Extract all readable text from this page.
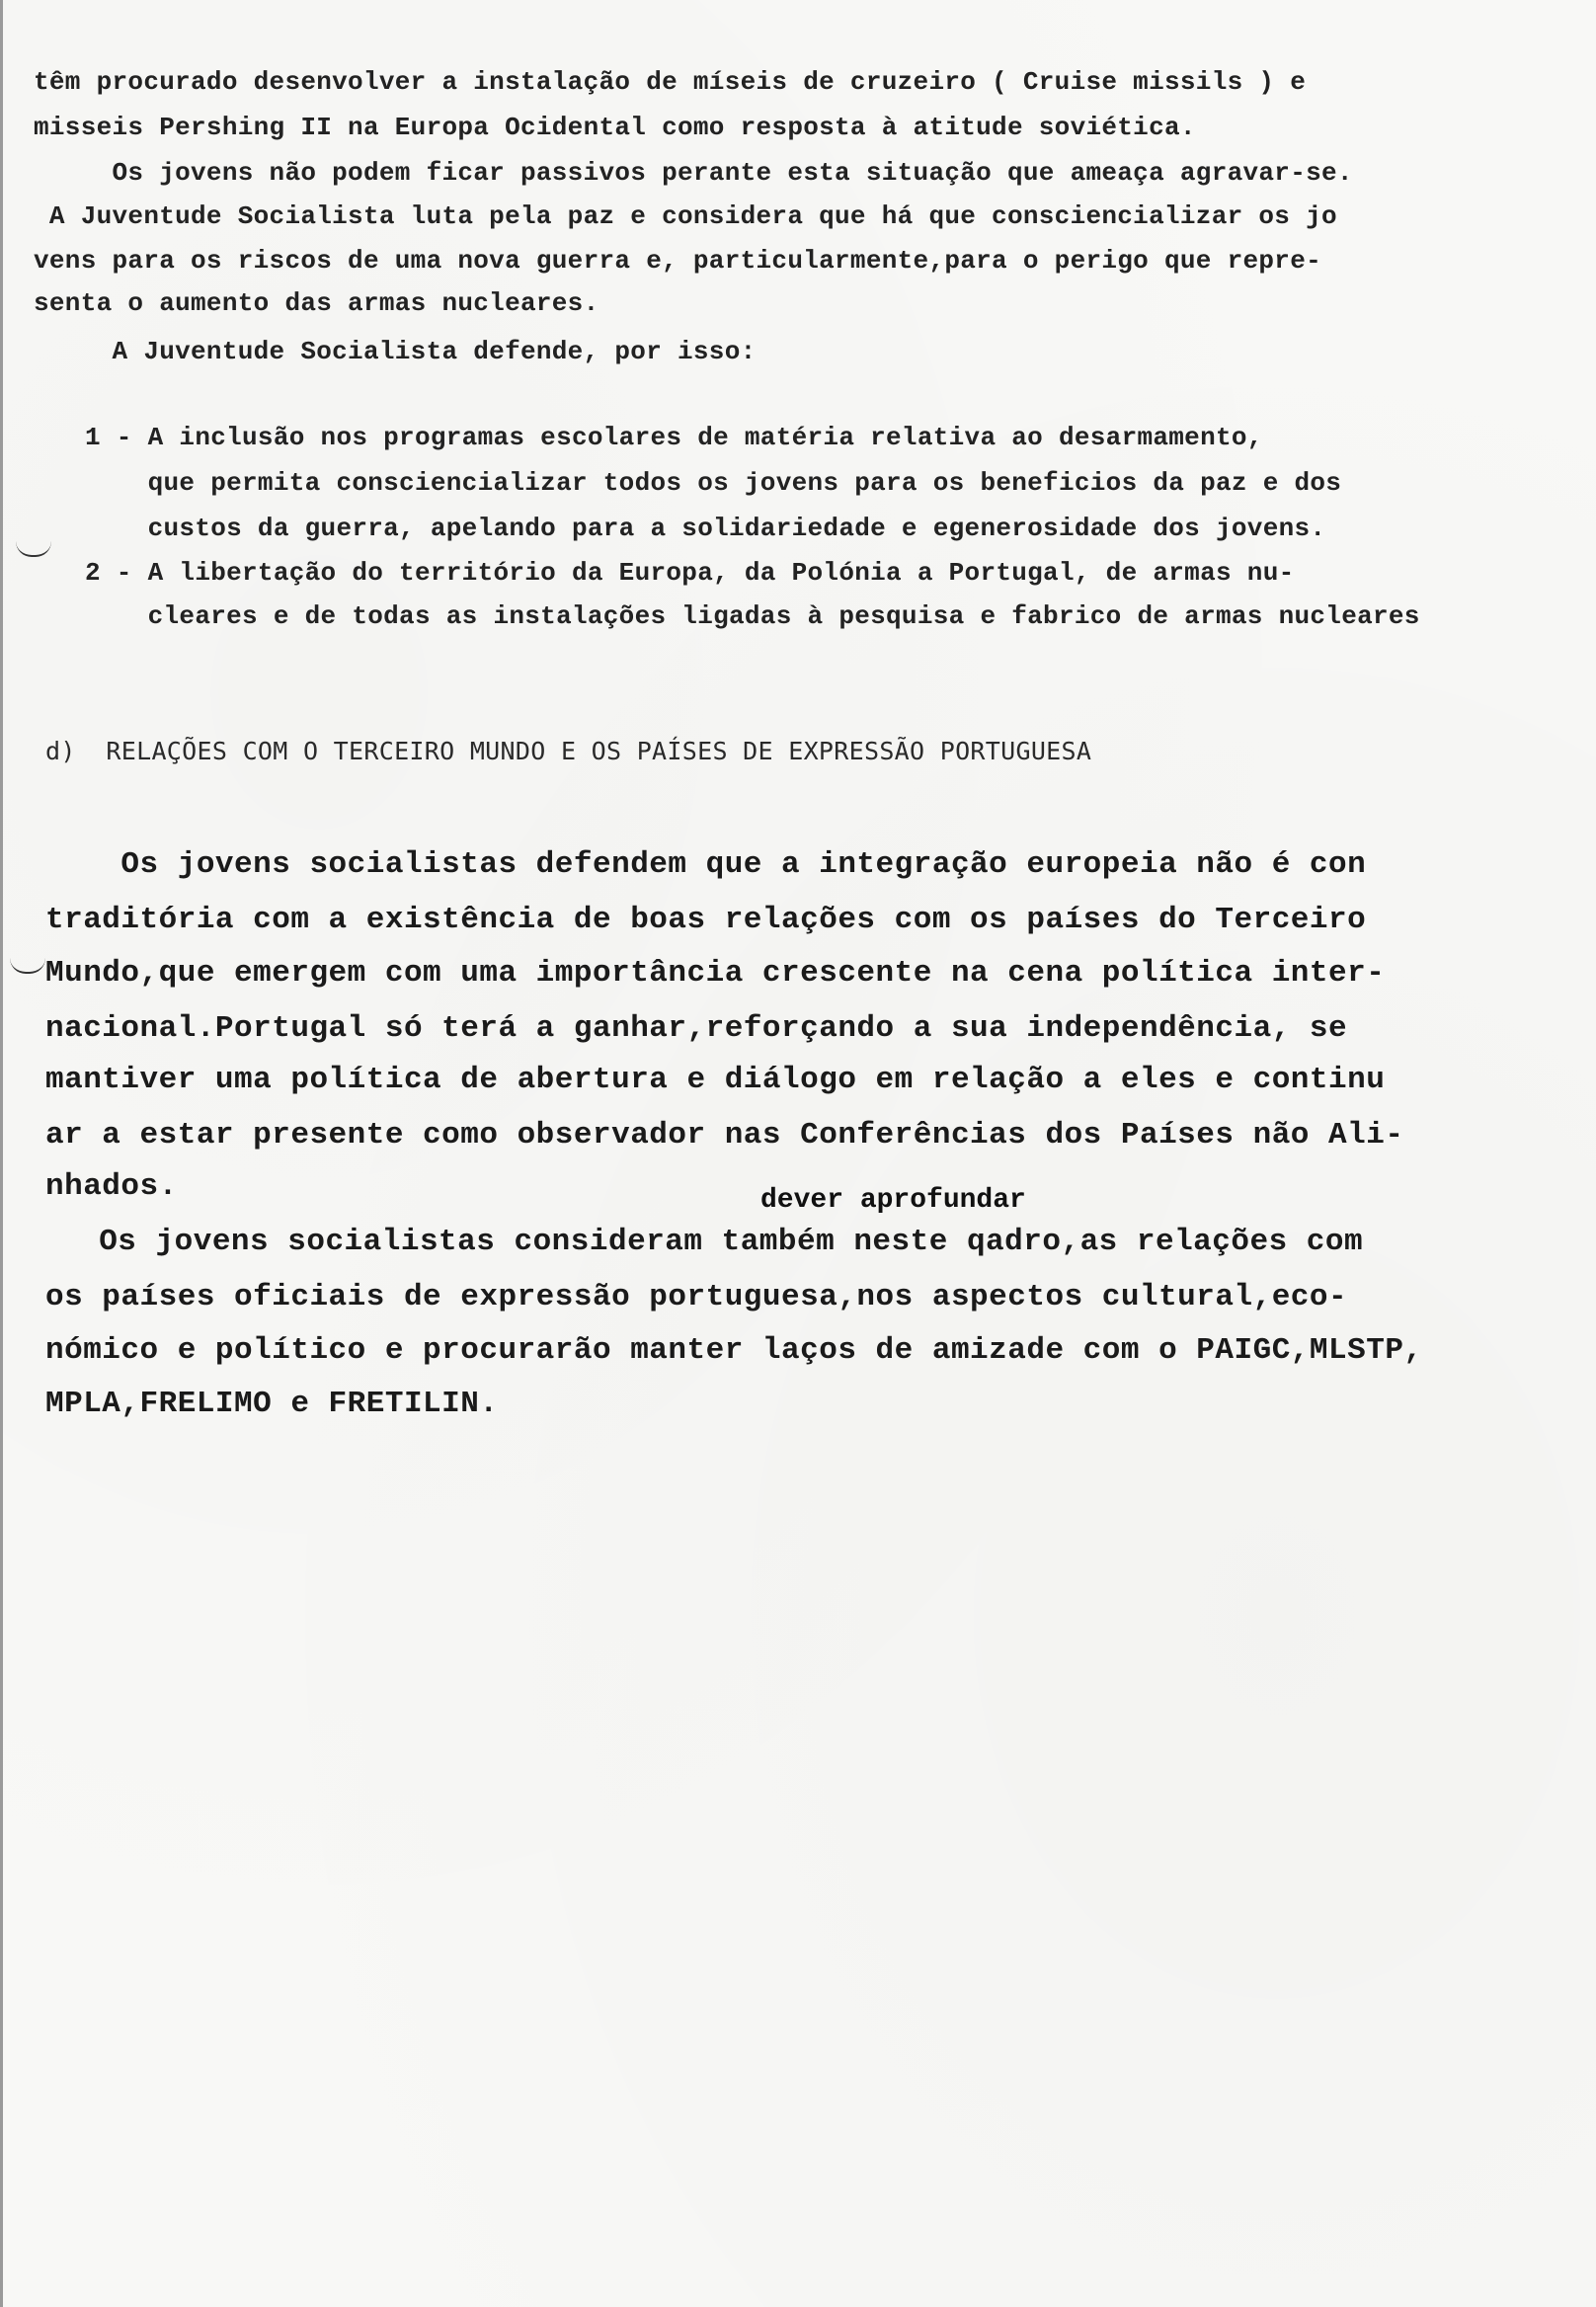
têm procurado desenvolver a instalação de míseis de cruzeiro ( Cruise missils ) e
misseis Pershing II na Europa Ocidental como resposta à atitude soviética.
Os jovens não podem ficar passivos perante esta situação que ameaça agravar-se.
A Juventude Socialista luta pela paz e considera que há que consciencializar os jo
vens para os riscos de uma nova guerra e, particularmente,para o perigo que repre-
senta o aumento das armas nucleares.
A Juventude Socialista defende, por isso:
1 - A inclusão nos programas escolares de matéria relativa ao desarmamento,
que permita consciencializar todos os jovens para os beneficios da paz e dos
custos da guerra, apelando para a solidariedade e egenerosidade dos jovens.
2 - A libertação do território da Europa, da Polónia a Portugal, de armas nu-
cleares e de todas as instalações ligadas à pesquisa e fabrico de armas nucleares
d)  RELAÇÕES COM O TERCEIRO MUNDO E OS PAÍSES DE EXPRESSÃO PORTUGUESA
Os jovens socialistas defendem que a integração europeia não é con
traditória com a existência de boas relações com os países do Terceiro
Mundo,que emergem com uma importância crescente na cena política inter-
nacional.Portugal só terá a ganhar,reforçando a sua independência, se
mantiver uma política de abertura e diálogo em relação a eles e continu
ar a estar presente como observador nas Conferências dos Países não Ali-
nhados.	dever aprofundar
Os jovens socialistas consideram também neste qadro,as relações com
os países oficiais de expressão portuguesa,nos aspectos cultural,eco-
nómico e político e procurarão manter laços de amizade com o PAIGC,MLSTP,
MPLA,FRELIMO e FRETILIN.
